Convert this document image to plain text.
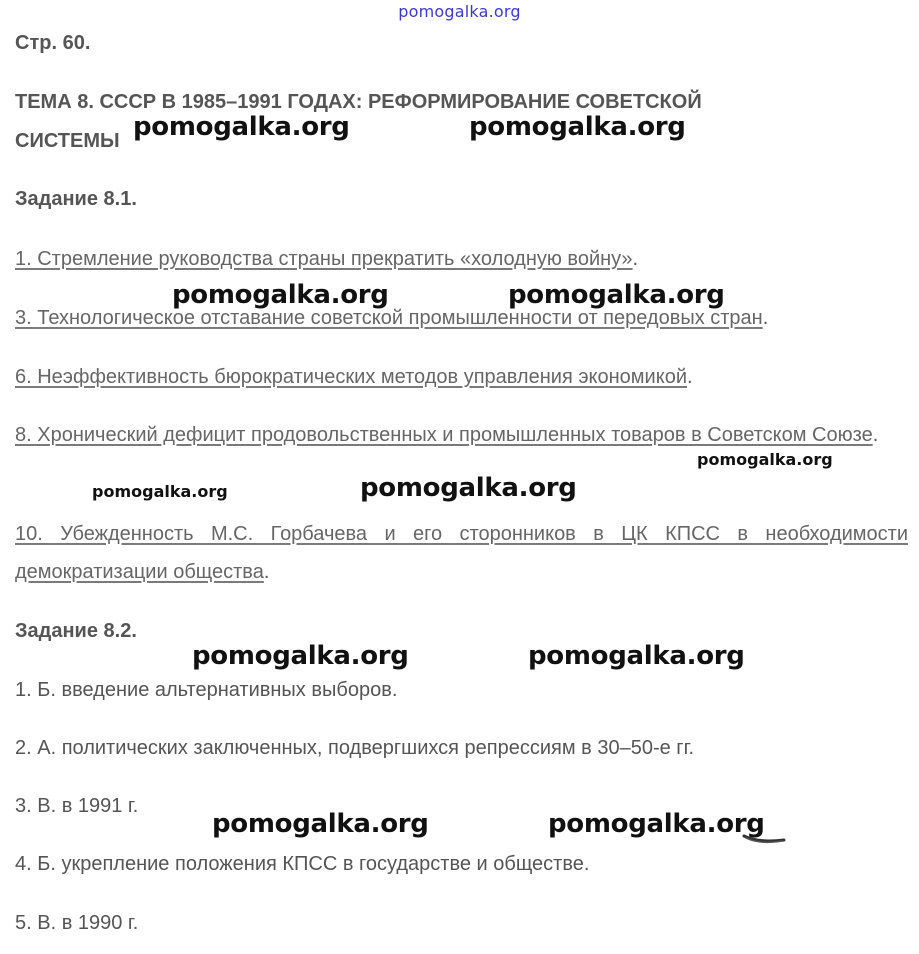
pomogalka.org
Стр. 60.
ТЕМА 8. СССР В 1985–1991 ГОДАХ: РЕФОРМИРОВАНИЕ СОВЕТСКОЙ
СИСТЕМЫ
Задание 8.1.
1. Стремление руководства страны прекратить «холодную войну».
3. Технологическое отставание советской промышленности от передовых стран.
6. Неэффективность бюрократических методов управления экономикой.
8. Хронический дефицит продовольственных и промышленных товаров в Советском Союзе.
10. Убежденность М.С. Горбачева и его сторонников в ЦК КПСС в необходимости демократизации общества.
Задание 8.2.
1. Б. введение альтернативных выборов.
2. А. политических заключенных, подвергшихся репрессиям в 30–50-е гг.
3. В. в 1991 г.
4. Б. укрепление положения КПСС в государстве и обществе.
5. В. в 1990 г.
pomogalka.org	pomogalka.org
pomogalka.org	pomogalka.org
pomogalka.org
pomogalka.org	pomogalka.org
pomogalka.org	pomogalka.org
pomogalka.org	pomogalka.org
